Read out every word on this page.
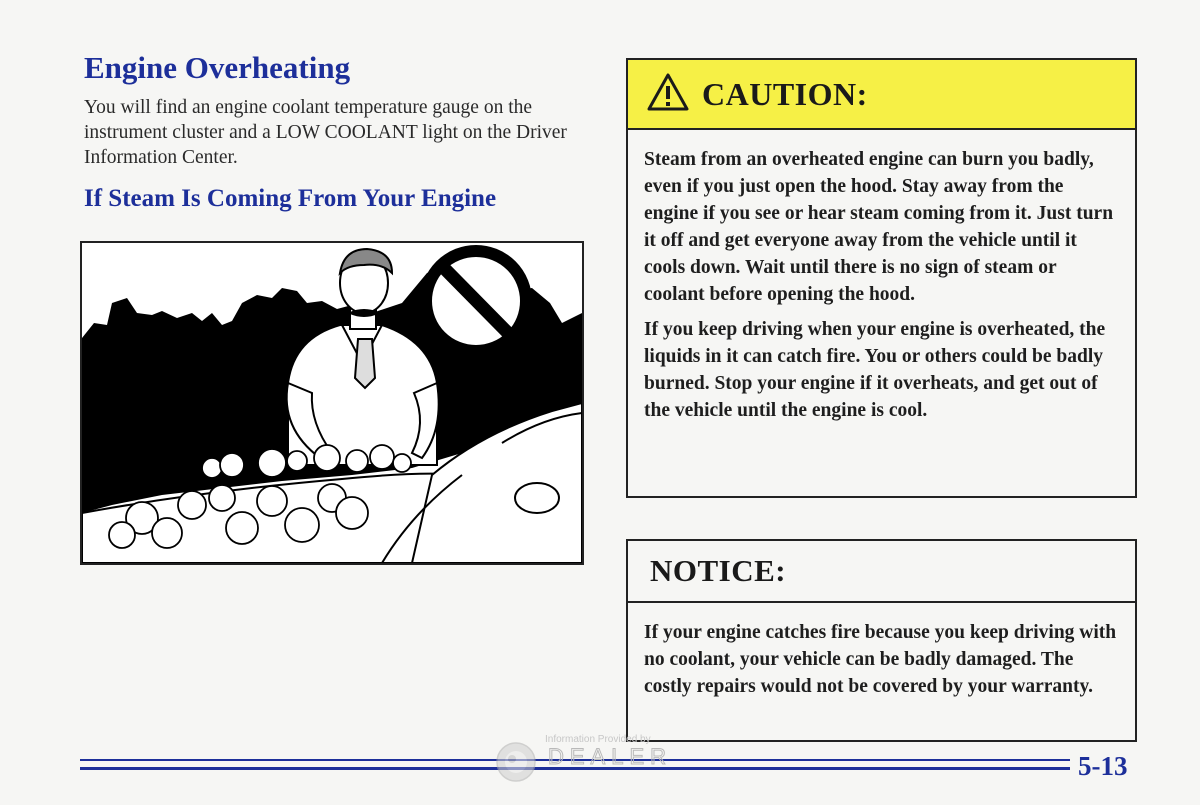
Engine Overheating

You will find an engine coolant temperature gauge on the instrument cluster and a LOW COOLANT light on the Driver Information Center.

If Steam Is Coming From Your Engine
CAUTION:

Steam from an overheated engine can burn you badly, even if you just open the hood. Stay away from the engine if you see or hear steam coming from it. Just turn it off and get everyone away from the vehicle until it cools down. Wait until there is no sign of steam or coolant before opening the hood.

If you keep driving when your engine is overheated, the liquids in it can catch fire. You or others could be badly burned. Stop your engine if it overheats, and get out of the vehicle until the engine is cool.

NOTICE:

If your engine catches fire because you keep driving with no coolant, your vehicle can be badly damaged. The costly repairs would not be covered by your warranty.

Information Provided by
DEALER	5-13
